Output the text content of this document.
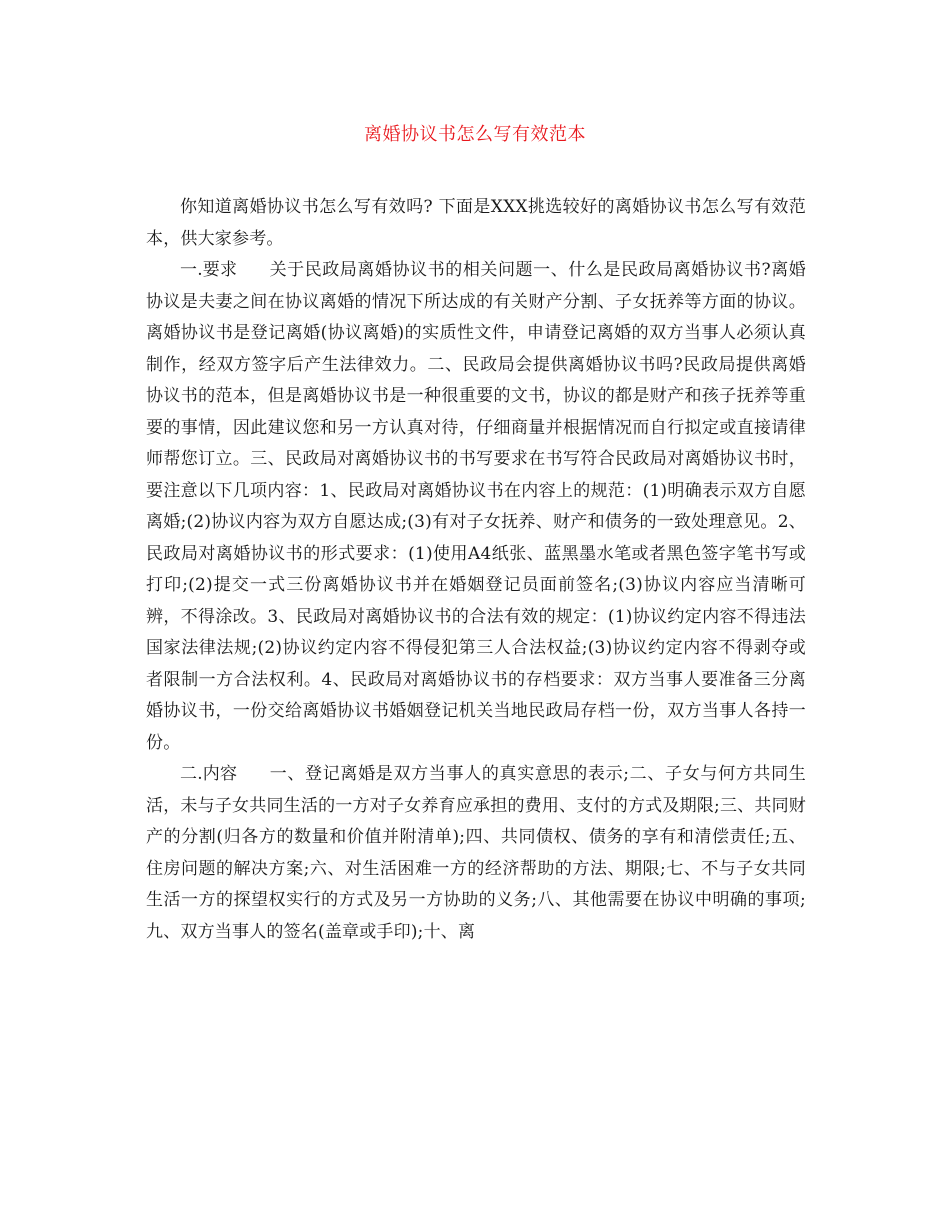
离婚协议书怎么写有效范本

你知道离婚协议书怎么写有效吗? 下面是XXX挑选较好的离婚协议书怎么写有效范本，供大家参考。

一.要求 关于民政局离婚协议书的相关问题一、什么是民政局离婚协议书?离婚协议是夫妻之间在协议离婚的情况下所达成的有关财产分割、子女抚养等方面的协议。离婚协议书是登记离婚(协议离婚)的实质性文件，申请登记离婚的双方当事人必须认真制作，经双方签字后产生法律效力。二、民政局会提供离婚协议书吗?民政局提供离婚协议书的范本，但是离婚协议书是一种很重要的文书，协议的都是财产和孩子抚养等重要的事情，因此建议您和另一方认真对待，仔细商量并根据情况而自行拟定或直接请律师帮您订立。三、民政局对离婚协议书的书写要求在书写符合民政局对离婚协议书时，要注意以下几项内容：1、民政局对离婚协议书在内容上的规范：(1)明确表示双方自愿离婚;(2)协议内容为双方自愿达成;(3)有对子女抚养、财产和债务的一致处理意见。2、民政局对离婚协议书的形式要求：(1)使用A4纸张、蓝黑墨水笔或者黑色签字笔书写或打印;(2)提交一式三份离婚协议书并在婚姻登记员面前签名;(3)协议内容应当清晰可辨，不得涂改。3、民政局对离婚协议书的合法有效的规定：(1)协议约定内容不得违法国家法律法规;(2)协议约定内容不得侵犯第三人合法权益;(3)协议约定内容不得剥夺或者限制一方合法权利。4、民政局对离婚协议书的存档要求：双方当事人要准备三分离婚协议书，一份交给离婚协议书婚姻登记机关当地民政局存档一份，双方当事人各持一份。

二.内容 一、登记离婚是双方当事人的真实意思的表示;二、子女与何方共同生活，未与子女共同生活的一方对子女养育应承担的费用、支付的方式及期限;三、共同财产的分割(归各方的数量和价值并附清单);四、共同债权、债务的享有和清偿责任;五、住房问题的解决方案;六、对生活困难一方的经济帮助的方法、期限;七、不与子女共同生活一方的探望权实行的方式及另一方协助的义务;八、其他需要在协议中明确的事项;九、双方当事人的签名(盖章或手印);十、离
